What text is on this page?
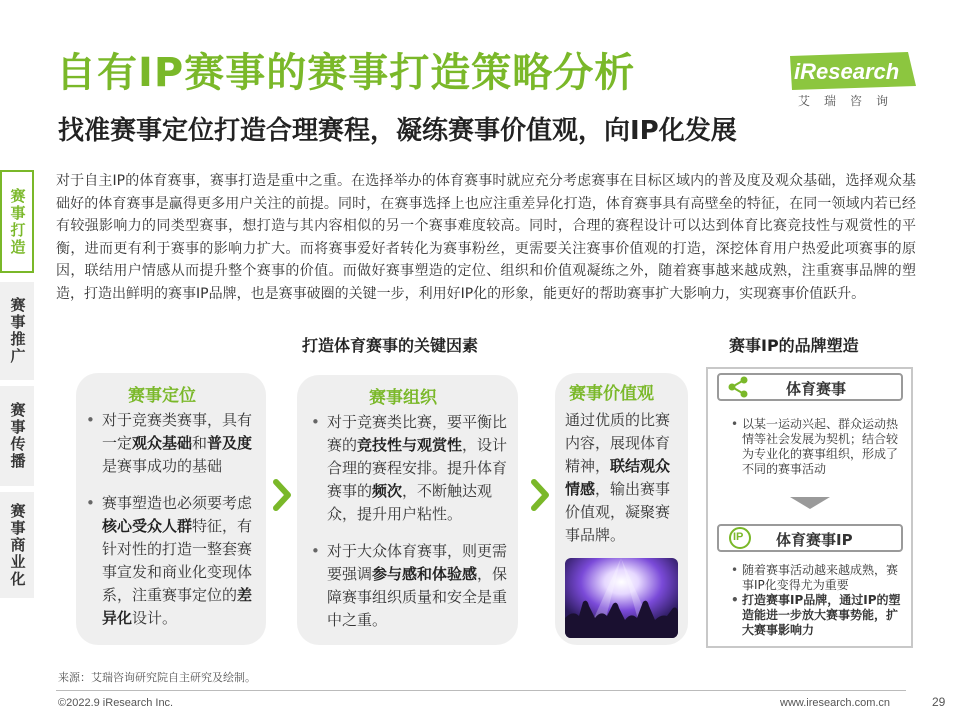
自有IP赛事的赛事打造策略分析
找准赛事定位打造合理赛程，凝练赛事价值观，向IP化发展
iResearch
艾瑞咨询
赛事打造
赛事推广
赛事传播
赛事商业化
对于自主IP的体育赛事，赛事打造是重中之重。在选择举办的体育赛事时就应充分考虑赛事在目标区域内的普及度及观众基础，选择观众基础好的体育赛事是赢得更多用户关注的前提。同时，在赛事选择上也应注重差异化打造，体育赛事具有高壁垒的特征，在同一领域内若已经有较强影响力的同类型赛事，想打造与其内容相似的另一个赛事难度较高。同时，合理的赛程设计可以达到体育比赛竞技性与观赏性的平衡，进而更有利于赛事的影响力扩大。而将赛事爱好者转化为赛事粉丝，更需要关注赛事价值观的打造，深挖体育用户热爱此项赛事的原因，联结用户情感从而提升整个赛事的价值。而做好赛事塑造的定位、组织和价值观凝练之外，随着赛事越来越成熟，注重赛事品牌的塑造，打造出鲜明的赛事IP品牌，也是赛事破圈的关键一步，利用好IP化的形象，能更好的帮助赛事扩大影响力，实现赛事价值跃升。
打造体育赛事的关键因素	赛事IP的品牌塑造
赛事定位
• 对于竞赛类赛事，具有一定观众基础和普及度是赛事成功的基础
• 赛事塑造也必须要考虑核心受众人群特征，有针对性的打造一整套赛事宣发和商业化变现体系，注重赛事定位的差异化设计。
赛事组织
• 对于竞赛类比赛，要平衡比赛的竞技性与观赏性，设计合理的赛程安排。提升体育赛事的频次，不断触达观众，提升用户粘性。
• 对于大众体育赛事，则更需要强调参与感和体验感，保障赛事组织质量和安全是重中之重。
赛事价值观
通过优质的比赛内容，展现体育精神，联结观众情感，输出赛事价值观，凝聚赛事品牌。
体育赛事
• 以某一运动兴起、群众运动热情等社会发展为契机；结合较为专业化的赛事组织，形成了不同的赛事活动
IP 体育赛事IP
• 随着赛事活动越来越成熟，赛事IP化变得尤为重要
• 打造赛事IP品牌，通过IP的塑造能进一步放大赛事势能，扩大赛事影响力
来源：艾瑞咨询研究院自主研究及绘制。
©2022.9 iResearch Inc.	www.iresearch.com.cn	29
